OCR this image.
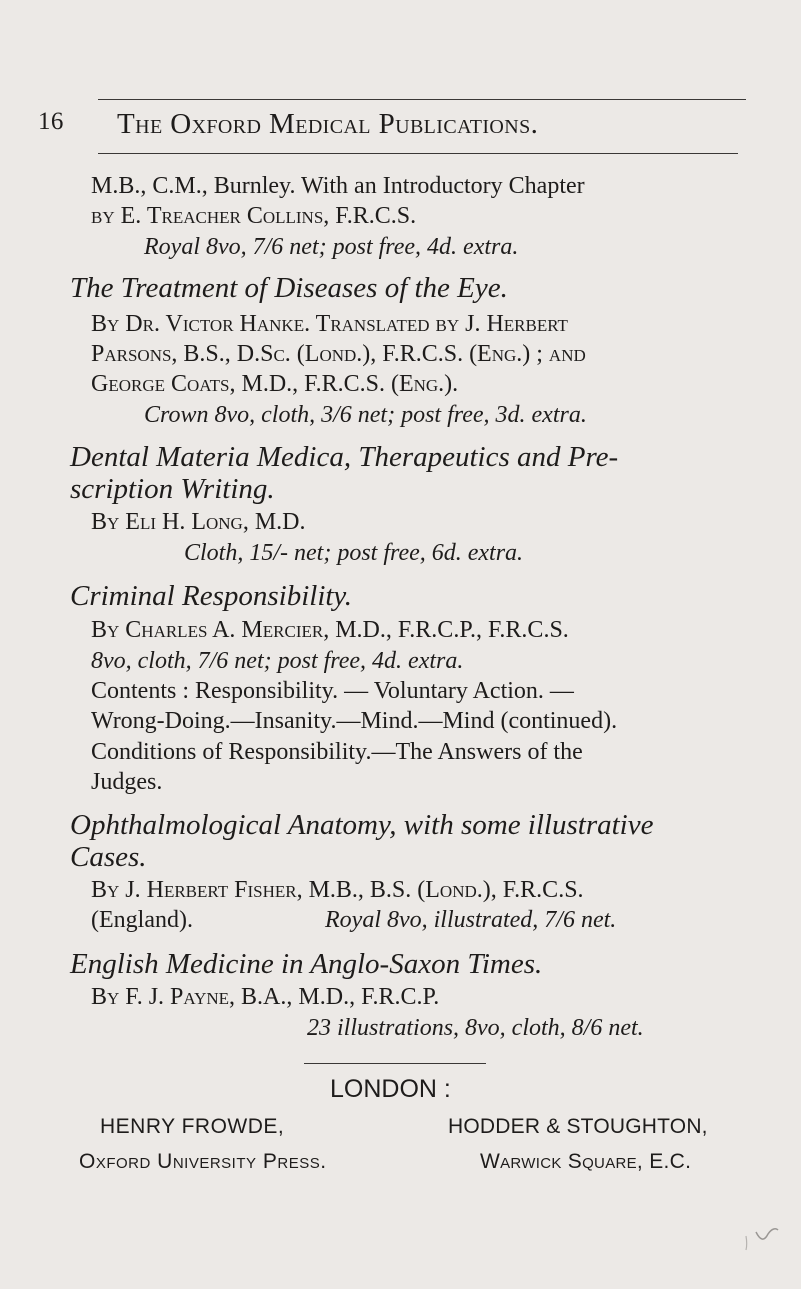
16 The Oxford Medical Publications.
M.B., C.M., Burnley. With an Introductory Chapter
by E. Treacher Collins, F.R.C.S.
Royal 8vo, 7/6 net; post free, 4d. extra.
The Treatment of Diseases of the Eye.
By Dr. Victor Hanke. Translated by J. Herbert
Parsons, B.S., D.Sc. (Lond.), F.R.C.S. (Eng.) ; and
George Coats, M.D., F.R.C.S. (Eng.).
Crown 8vo, cloth, 3/6 net; post free, 3d. extra.
Dental Materia Medica, Therapeutics and Pre-
scription Writing.
By Eli H. Long, M.D.
Cloth, 15/- net; post free, 6d. extra.
Criminal Responsibility.
By Charles A. Mercier, M.D., F.R.C.P., F.R.C.S.
8vo, cloth, 7/6 net; post free, 4d. extra.
Contents : Responsibility. — Voluntary Action. —
Wrong-Doing.—Insanity.—Mind.—Mind (continued).
Conditions of Responsibility.—The Answers of the
Judges.
Ophthalmological Anatomy, with some illustrative
Cases.
By J. Herbert Fisher, M.B., B.S. (Lond.), F.R.C.S.
(England).	Royal 8vo, illustrated, 7/6 net.
English Medicine in Anglo-Saxon Times.
By F. J. Payne, B.A., M.D., F.R.C.P.
23 illustrations, 8vo, cloth, 8/6 net.
LONDON :
HENRY FROWDE,
Oxford University Press.
HODDER & STOUGHTON,
Warwick Square, E.C.
